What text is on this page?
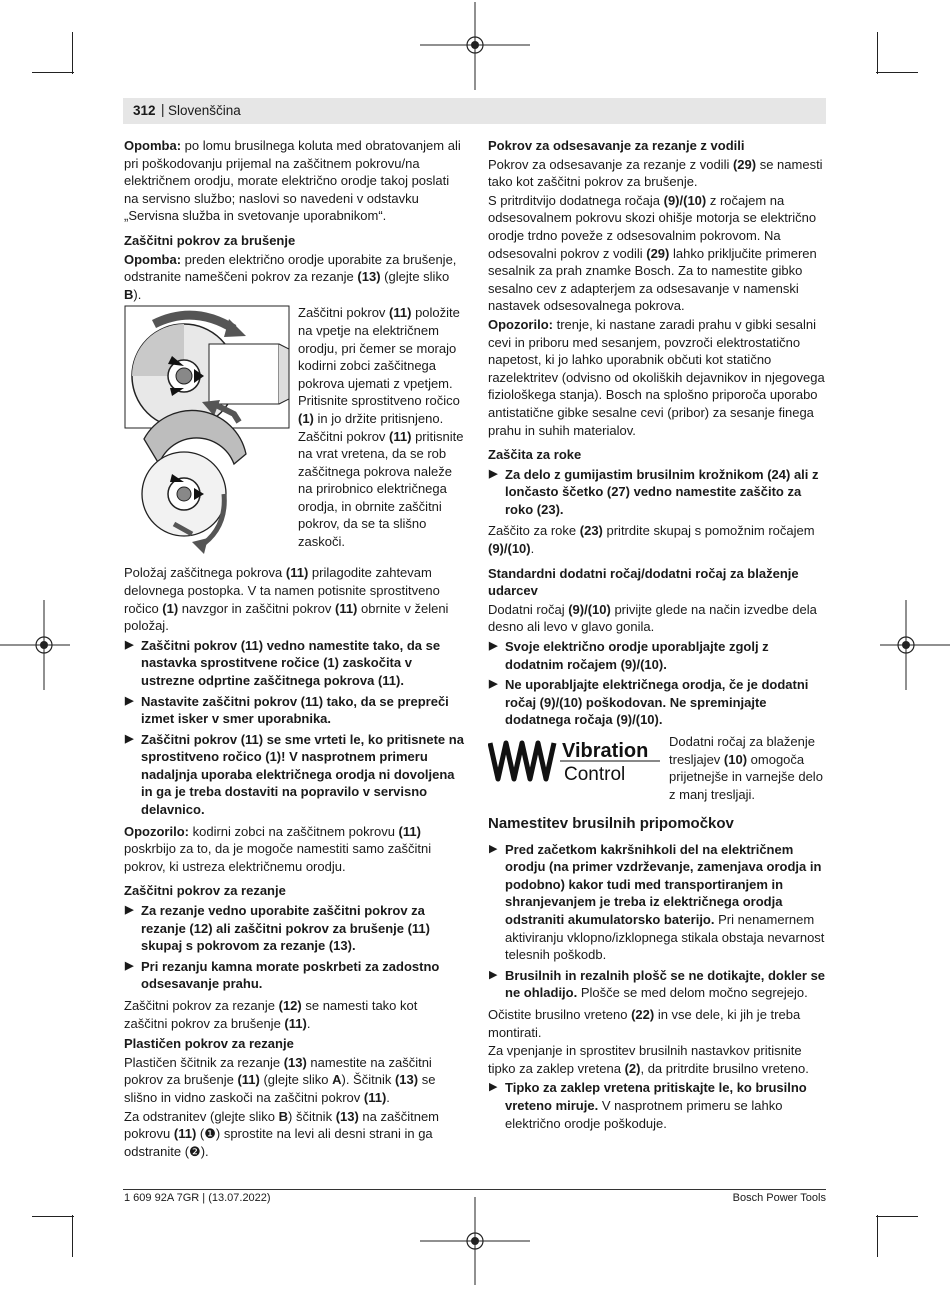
312 | Slovenščina

Opomba: po lomu brusilnega koluta med obratovanjem ali pri poškodovanju prijemal na zaščitnem pokrovu/na električnem orodju, morate električno orodje takoj poslati na servisno službo; naslovi so navedeni v odstavku „Servisna služba in svetovanje uporabnikom“.

Zaščitni pokrov za brušenje

Opomba: preden električno orodje uporabite za brušenje, odstranite nameščeni pokrov za rezanje (13) (glejte sliko B).

Zaščitni pokrov (11) položite na vpetje na električnem orodju, pri čemer se morajo kodirni zobci zaščitnega pokrova ujemati z vpetjem. Pritisnite sprostitveno ročico (1) in jo držite pritisnjeno.
Zaščitni pokrov (11) pritisnite na vrat vretena, da se rob zaščitnega pokrova naleže na prirobnico električnega orodja, in obrnite zaščitni pokrov, da se ta slišno zaskoči.

Položaj zaščitnega pokrova (11) prilagodite zahtevam delovnega postopka. V ta namen potisnite sprostitveno ročico (1) navzgor in zaščitni pokrov (11) obrnite v želeni položaj.

▶ Zaščitni pokrov (11) vedno namestite tako, da se nastavka sprostitvene ročice (1) zaskočita v ustrezne odprtine zaščitnega pokrova (11).
▶ Nastavite zaščitni pokrov (11) tako, da se prepreči izmet isker v smer uporabnika.
▶ Zaščitni pokrov (11) se sme vrteti le, ko pritisnete na sprostitveno ročico (1)! V nasprotnem primeru nadaljnja uporaba električnega orodja ni dovoljena in ga je treba dostaviti na popravilo v servisno delavnico.

Opozorilo: kodirni zobci na zaščitnem pokrovu (11) poskrbijo za to, da je mogoče namestiti samo zaščitni pokrov, ki ustreza električnemu orodju.

Zaščitni pokrov za rezanje

▶ Za rezanje vedno uporabite zaščitni pokrov za rezanje (12) ali zaščitni pokrov za brušenje (11) skupaj s pokrovom za rezanje (13).
▶ Pri rezanju kamna morate poskrbeti za zadostno odsesavanje prahu.

Zaščitni pokrov za rezanje (12) se namesti tako kot zaščitni pokrov za brušenje (11).

Plastičen pokrov za rezanje

Plastičen ščitnik za rezanje (13) namestite na zaščitni pokrov za brušenje (11) (glejte sliko A). Ščitnik (13) se slišno in vidno zaskoči na zaščitni pokrov (11).

Za odstranitev (glejte sliko B) ščitnik (13) na zaščitnem pokrovu (11) (❶) sprostite na levi ali desni strani in ga odstranite (❷).

Pokrov za odsesavanje za rezanje z vodili

Pokrov za odsesavanje za rezanje z vodili (29) se namesti tako kot zaščitni pokrov za brušenje.

S pritrditvijo dodatnega ročaja (9)/(10) z ročajem na odsesovalnem pokrovu skozi ohišje motorja se električno orodje trdno poveže z odsesovalnim pokrovom. Na odsesovalni pokrov z vodili (29) lahko priključite primeren sesalnik za prah znamke Bosch. Za to namestite gibko sesalno cev z adapterjem za odsesavanje v namenski nastavek odsesovalnega pokrova.

Opozorilo: trenje, ki nastane zaradi prahu v gibki sesalni cevi in priboru med sesanjem, povzroči elektrostatično napetost, ki jo lahko uporabnik občuti kot statično razelektritev (odvisno od okoliških dejavnikov in njegovega fiziološkega stanja). Bosch na splošno priporoča uporabo antistatične gibke sesalne cevi (pribor) za sesanje finega prahu in suhih materialov.

Zaščita za roke

▶ Za delo z gumijastim brusilnim krožnikom (24) ali z lončasto ščetko (27) vedno namestite zaščito za roko (23).

Zaščito za roke (23) pritrdite skupaj s pomožnim ročajem (9)/(10).

Standardni dodatni ročaj/dodatni ročaj za blaženje udarcev

Dodatni ročaj (9)/(10) privijte glede na način izvedbe dela desno ali levo v glavo gonila.

▶ Svoje električno orodje uporabljajte zgolj z dodatnim ročajem (9)/(10).
▶ Ne uporabljajte električnega orodja, če je dodatni ročaj (9)/(10) poškodovan. Ne spreminjajte dodatnega ročaja (9)/(10).
Vibration
Control
Dodatni ročaj za blaženje tresljajev (10) omogoča prijetnejše in varnejše delo z manj tresljaji.

Namestitev brusilnih pripomočkov

▶ Pred začetkom kakršnihkoli del na električnem orodju (na primer vzdrževanje, zamenjava orodja in podobno) kakor tudi med transportiranjem in shranjevanjem je treba iz električnega orodja odstraniti akumulatorsko baterijo. Pri nenamernem aktiviranju vklopno/izklopnega stikala obstaja nevarnost telesnih poškodb.
▶ Brusilnih in rezalnih plošč se ne dotikajte, dokler se ne ohladijo. Plošče se med delom močno segrejejo.

Očistite brusilno vreteno (22) in vse dele, ki jih je treba montirati.

Za vpenjanje in sprostitev brusilnih nastavkov pritisnite tipko za zaklep vretena (2), da pritrdite brusilno vreteno.

▶ Tipko za zaklep vretena pritiskajte le, ko brusilno vreteno miruje. V nasprotnem primeru se lahko električno orodje poškoduje.
1 609 92A 7GR | (13.07.2022)	Bosch Power Tools
